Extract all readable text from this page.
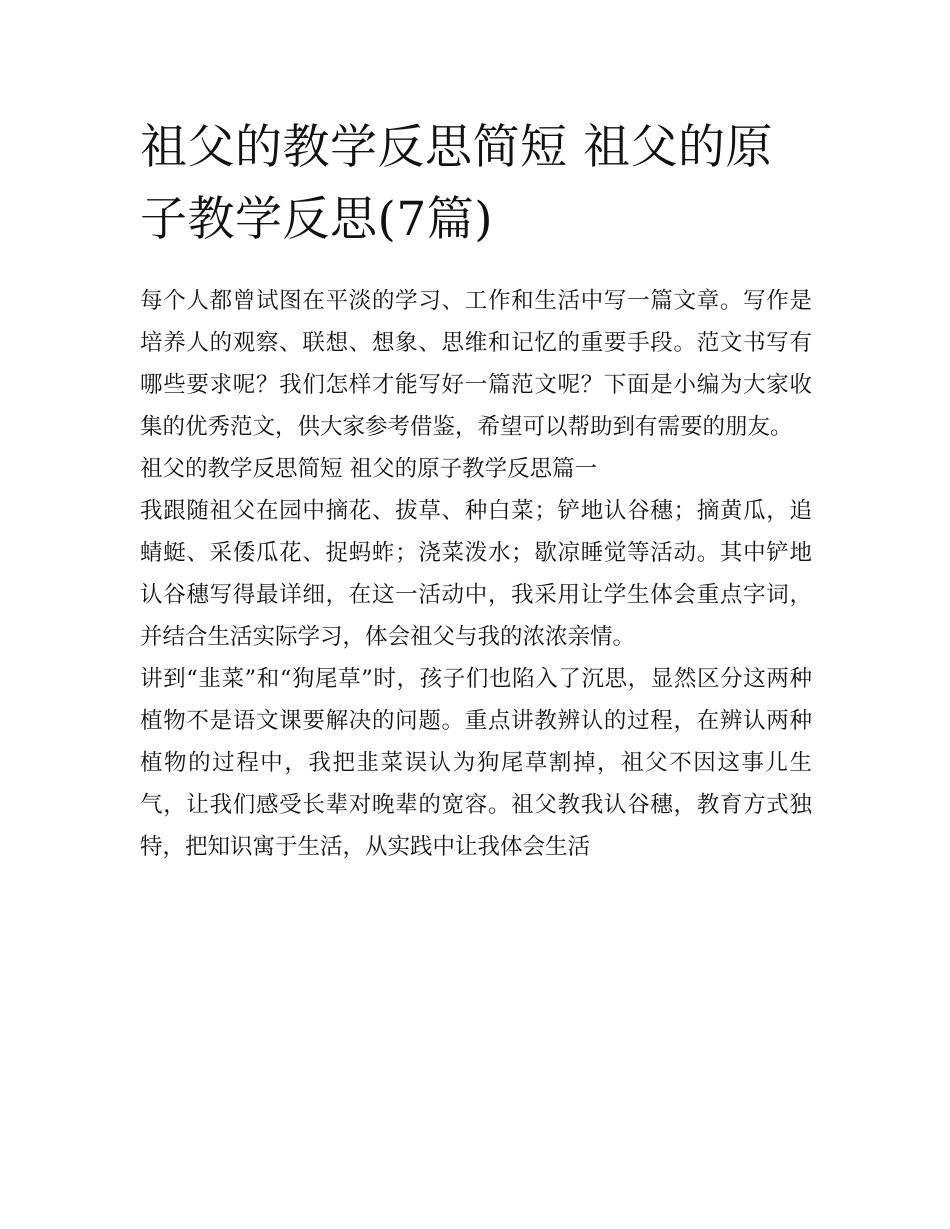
祖父的教学反思简短 祖父的原子教学反思(7篇)

每个人都曾试图在平淡的学习、工作和生活中写一篇文章。写作是培养人的观察、联想、想象、思维和记忆的重要手段。范文书写有哪些要求呢？我们怎样才能写好一篇范文呢？下面是小编为大家收集的优秀范文，供大家参考借鉴，希望可以帮助到有需要的朋友。

祖父的教学反思简短 祖父的原子教学反思篇一

我跟随祖父在园中摘花、拔草、种白菜；铲地认谷穗；摘黄瓜，追蜻蜓、采倭瓜花、捉蚂蚱；浇菜泼水；歇凉睡觉等活动。其中铲地认谷穗写得最详细，在这一活动中，我采用让学生体会重点字词，并结合生活实际学习，体会祖父与我的浓浓亲情。

讲到“韭菜”和“狗尾草”时，孩子们也陷入了沉思，显然区分这两种植物不是语文课要解决的问题。重点讲教辨认的过程，在辨认两种植物的过程中，我把韭菜误认为狗尾草割掉，祖父不因这事儿生气，让我们感受长辈对晚辈的宽容。祖父教我认谷穗，教育方式独特，把知识寓于生活，从实践中让我体会生活
